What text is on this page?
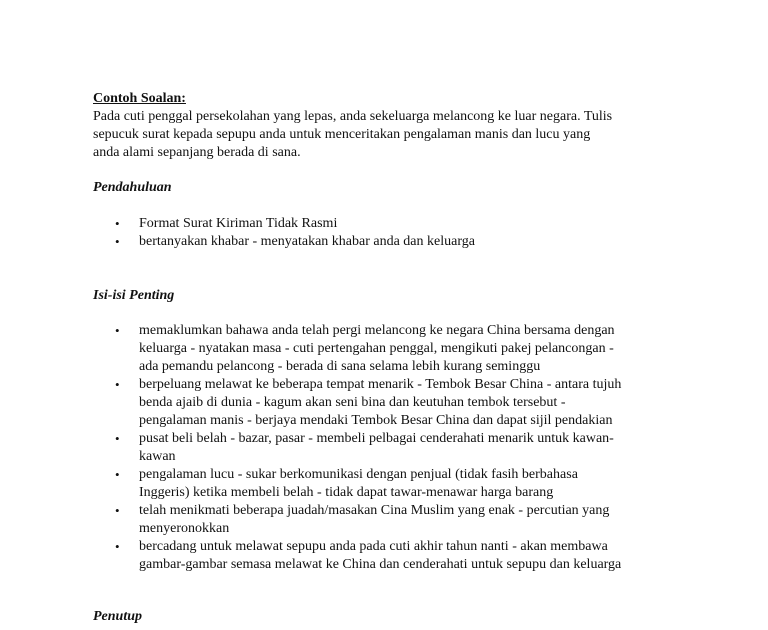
Contoh Soalan:
Pada cuti penggal persekolahan yang lepas, anda sekeluarga melancong ke luar negara. Tulis
sepucuk surat kepada sepupu anda untuk menceritakan pengalaman manis dan lucu yang
anda alami sepanjang berada di sana.
Pendahuluan
• Format Surat Kiriman Tidak Rasmi
• bertanyakan khabar - menyatakan khabar anda dan keluarga
Isi-isi Penting
• memaklumkan bahawa anda telah pergi melancong ke negara China bersama dengan
keluarga - nyatakan masa - cuti pertengahan penggal, mengikuti pakej pelancongan -
ada pemandu pelancong - berada di sana selama lebih kurang seminggu
• berpeluang melawat ke beberapa tempat menarik - Tembok Besar China - antara tujuh
benda ajaib di dunia - kagum akan seni bina dan keutuhan tembok tersebut -
pengalaman manis - berjaya mendaki Tembok Besar China dan dapat sijil pendakian
• pusat beli belah - bazar, pasar - membeli pelbagai cenderahati menarik untuk kawan-
kawan
• pengalaman lucu - sukar berkomunikasi dengan penjual (tidak fasih berbahasa
Inggeris) ketika membeli belah - tidak dapat tawar-menawar harga barang
• telah menikmati beberapa juadah/masakan Cina Muslim yang enak - percutian yang
menyeronokkan
• bercadang untuk melawat sepupu anda pada cuti akhir tahun nanti - akan membawa
gambar-gambar semasa melawat ke China dan cenderahati untuk sepupu dan keluarga
Penutup
